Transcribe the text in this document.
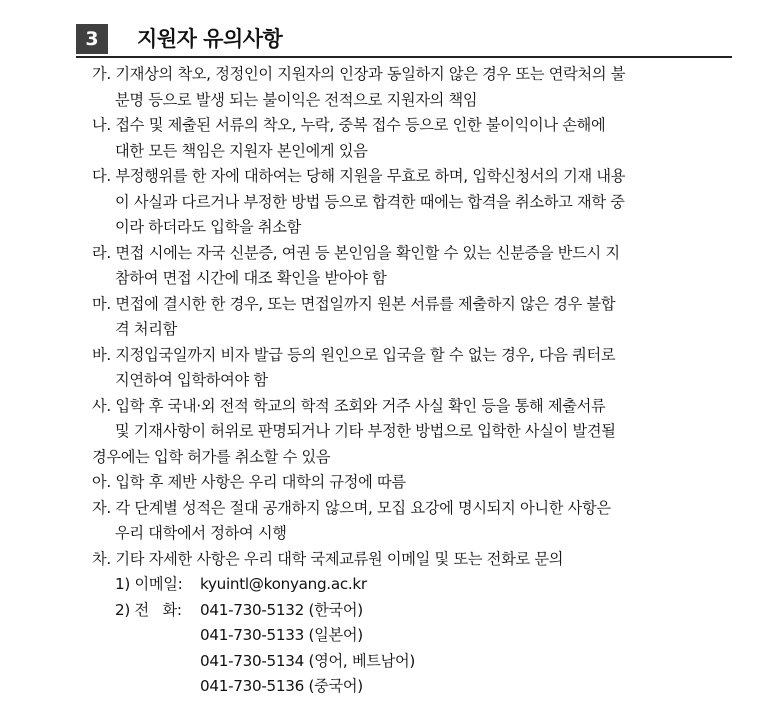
3	지원자 유의사항
가. 기재상의 착오, 정정인이 지원자의 인장과 동일하지 않은 경우 또는 연락처의 불
분명 등으로 발생 되는 불이익은 전적으로 지원자의 책임
나. 접수 및 제출된 서류의 착오, 누락, 중복 접수 등으로 인한 불이익이나 손해에
대한 모든 책임은 지원자 본인에게 있음
다. 부정행위를 한 자에 대하여는 당해 지원을 무효로 하며, 입학신청서의 기재 내용
이 사실과 다르거나 부정한 방법 등으로 합격한 때에는 합격을 취소하고 재학 중
이라 하더라도 입학을 취소함
라. 면접 시에는 자국 신분증, 여권 등 본인임을 확인할 수 있는 신분증을 반드시 지
참하여 면접 시간에 대조 확인을 받아야 함
마. 면접에 결시한 한 경우, 또는 면접일까지 원본 서류를 제출하지 않은 경우 불합
격 처리함
바. 지정입국일까지 비자 발급 등의 원인으로 입국을 할 수 없는 경우, 다음 쿼터로
지연하여 입학하여야 함
사. 입학 후 국내·외 전적 학교의 학적 조회와 거주 사실 확인 등을 통해 제출서류
및 기재사항이 허위로 판명되거나 기타 부정한 방법으로 입학한 사실이 발견될
경우에는 입학 허가를 취소할 수 있음
아. 입학 후 제반 사항은 우리 대학의 규정에 따름
자. 각 단계별 성적은 절대 공개하지 않으며, 모집 요강에 명시되지 아니한 사항은
우리 대학에서 정하여 시행
차. 기타 자세한 사항은 우리 대학 국제교류원 이메일 및 또는 전화로 문의
1) 이메일: kyuintl@konyang.ac.kr
2) 전   화: 041-730-5132 (한국어)
041-730-5133 (일본어)
041-730-5134 (영어, 베트남어)
041-730-5136 (중국어)
